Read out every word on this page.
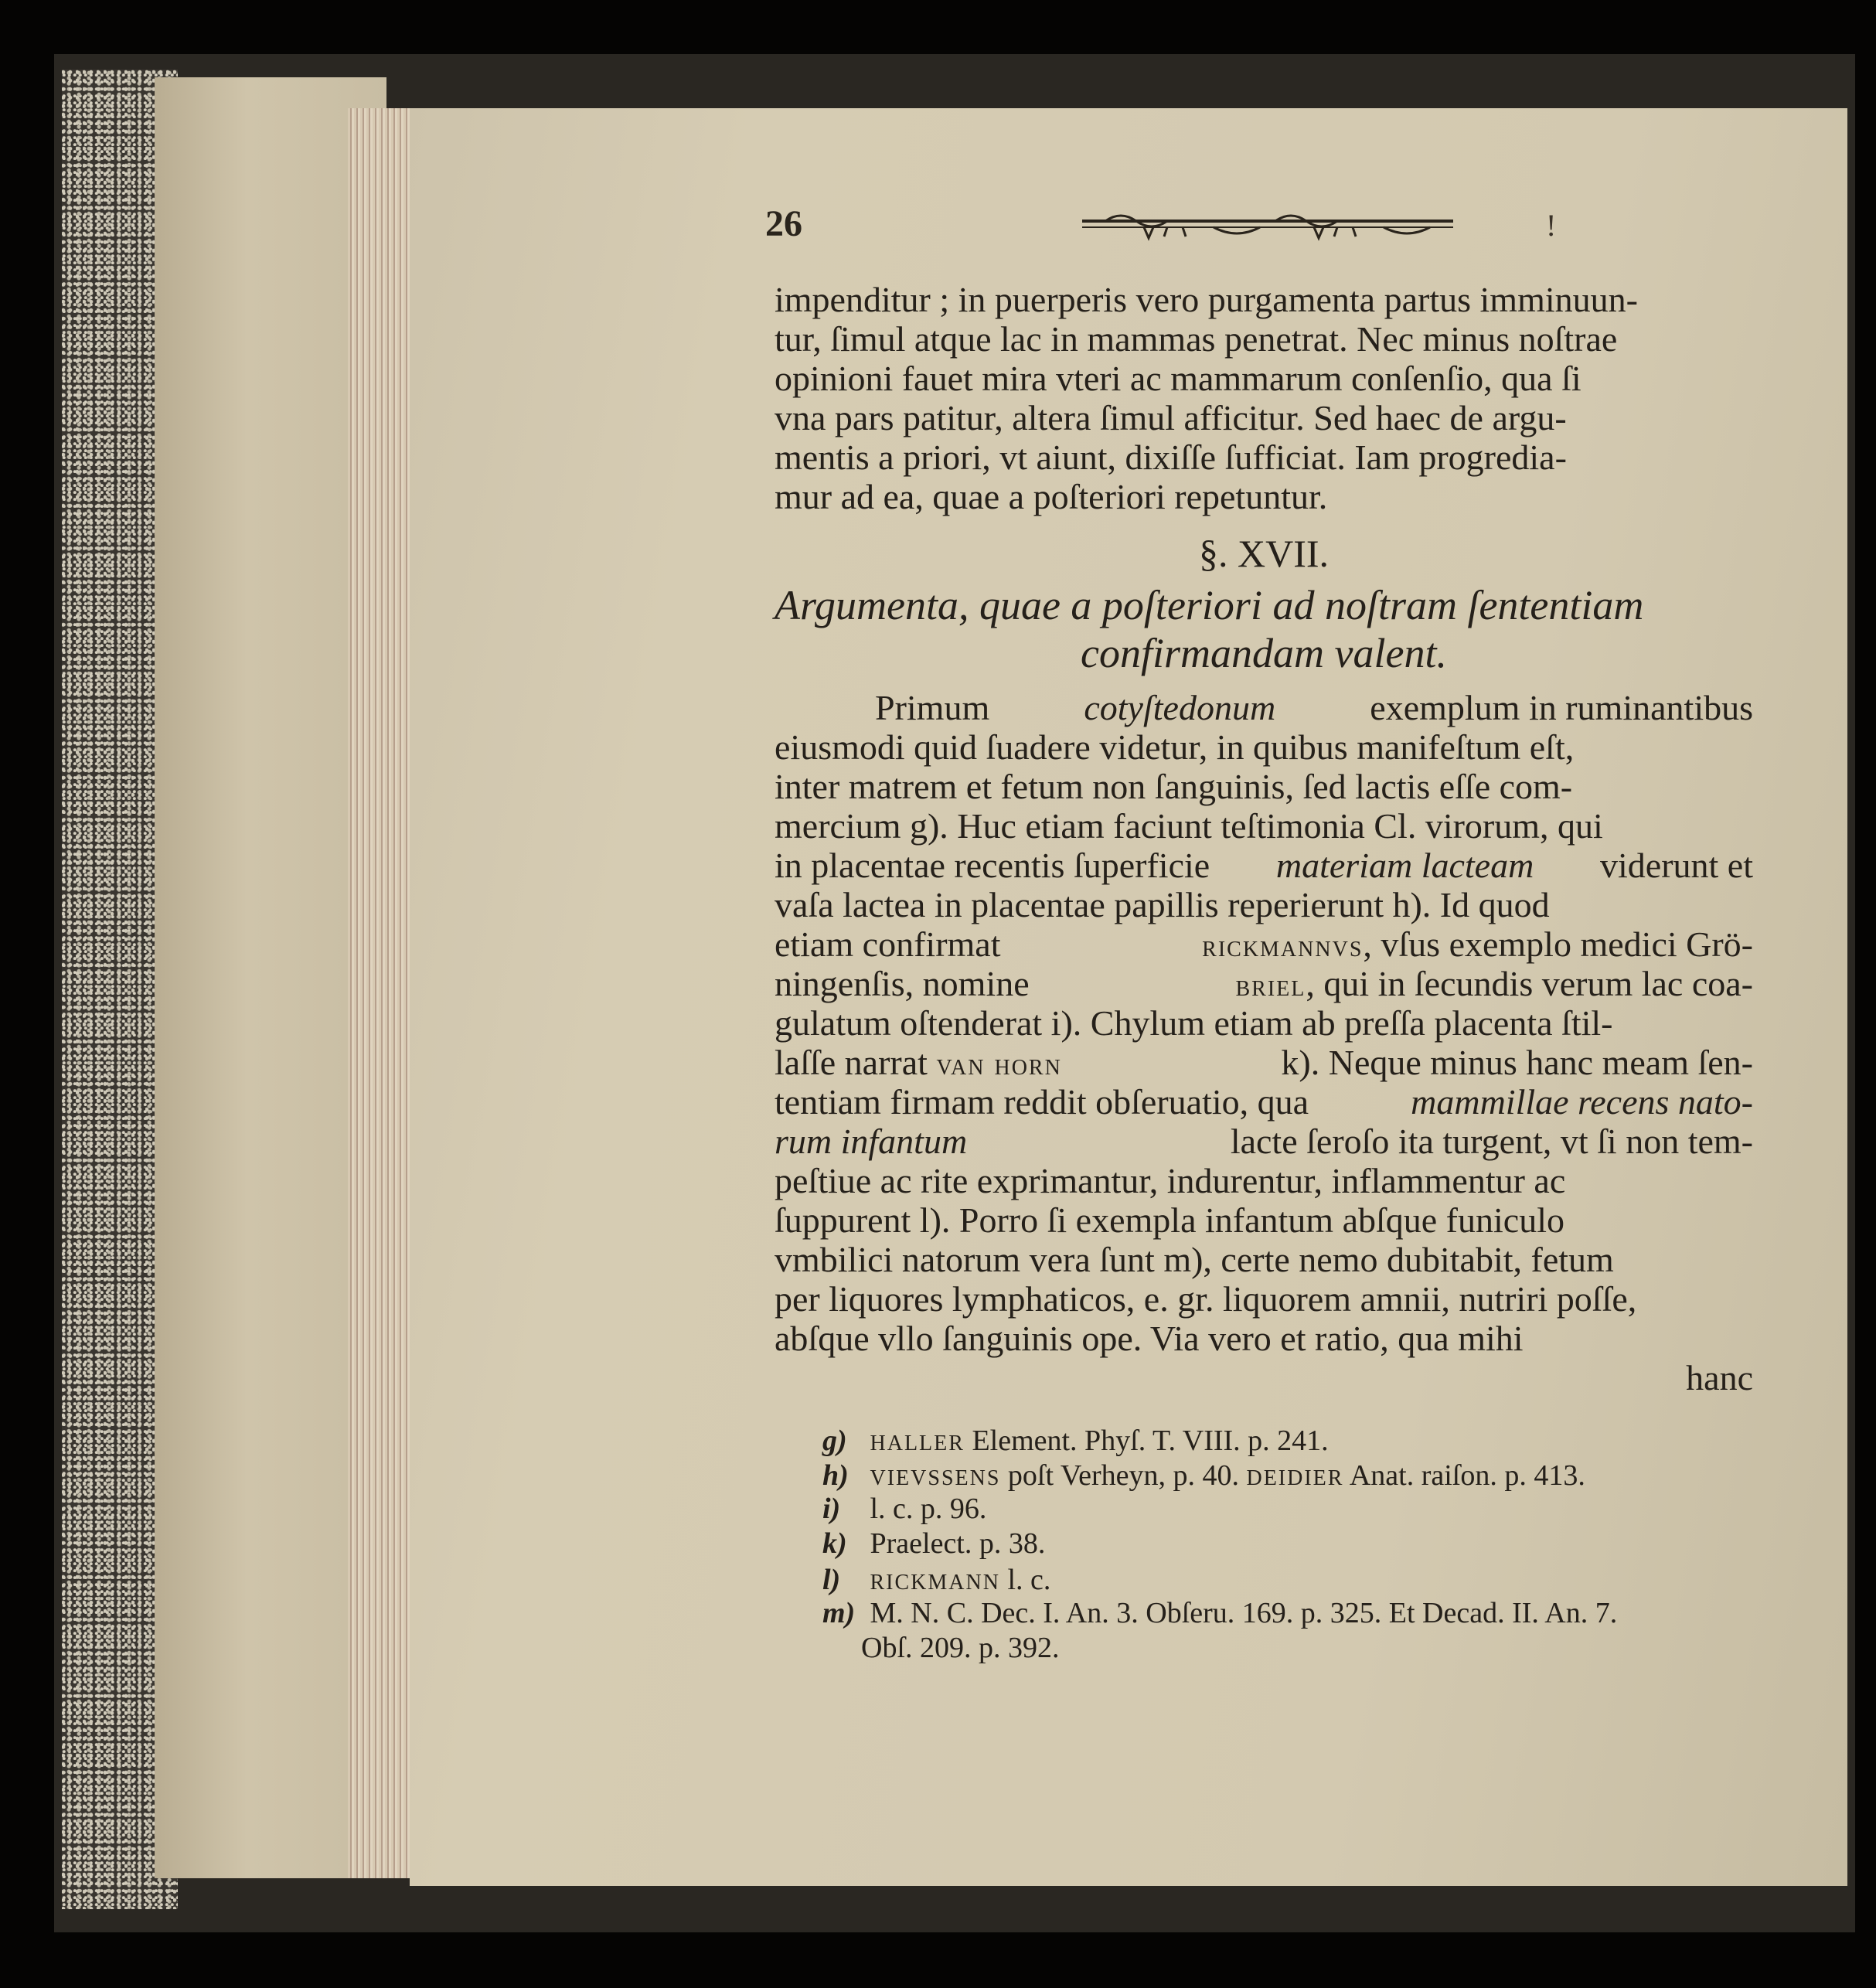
26	!
impenditur ; in puerperis vero purgamenta partus imminuun-
tur, ſimul atque lac in mammas penetrat. Nec minus noſtrae
opinioni fauet mira vteri ac mammarum conſenſio, qua ſi
vna pars patitur, altera ſimul afficitur. Sed haec de argu-
mentis a priori, vt aiunt, dixiſſe ſufficiat. Iam progredia-
mur ad ea, quae a poſteriori repetuntur.
§. XVII.
Argumenta, quae a poſteriori ad noſtram ſententiam
confirmandam valent.
Primum	cotyſtedonum	exemplum in ruminantibus
eiusmodi quid ſuadere videtur, in quibus manifeſtum eſt,
inter matrem et fetum non ſanguinis, ſed lactis eſſe com-
mercium g). Huc etiam faciunt teſtimonia Cl. virorum, qui
in placentae recentis ſuperficie materiam lacteam viderunt et
vaſa lactea in placentae papillis reperierunt h). Id quod
etiam confirmat	rickmannvs, vſus exemplo medici Grö-
ningenſis, nomine	briel, qui in ſecundis verum lac coa-
gulatum oſtenderat i). Chylum etiam ab preſſa placenta ſtil-
laſſe narrat van horn	k). Neque minus hanc meam ſen-
tentiam firmam reddit obſeruatio, qua	mammillae recens nato-
rum infantum	lacte ſeroſo ita turgent, vt ſi non tem-
peſtiue ac rite exprimantur, indurentur, inflammentur ac
ſuppurent l). Porro ſi exempla infantum abſque funiculo
vmbilici natorum vera ſunt m), certe nemo dubitabit, fetum
per liquores lymphaticos, e. gr. liquorem amnii, nutriri poſſe,
abſque vllo ſanguinis ope. Via vero et ratio, qua mihi
hanc
g) haller Element. Phyſ. T. VIII. p. 241.
h) vievssens poſt Verheyn, p. 40. deidier Anat. raiſon. p. 413.
i) l. c. p. 96.
k) Praelect. p. 38.
l) rickmann l. c.
m) M. N. C. Dec. I. An. 3. Obſeru. 169. p. 325. Et Decad. II. An. 7.
Obſ. 209. p. 392.
